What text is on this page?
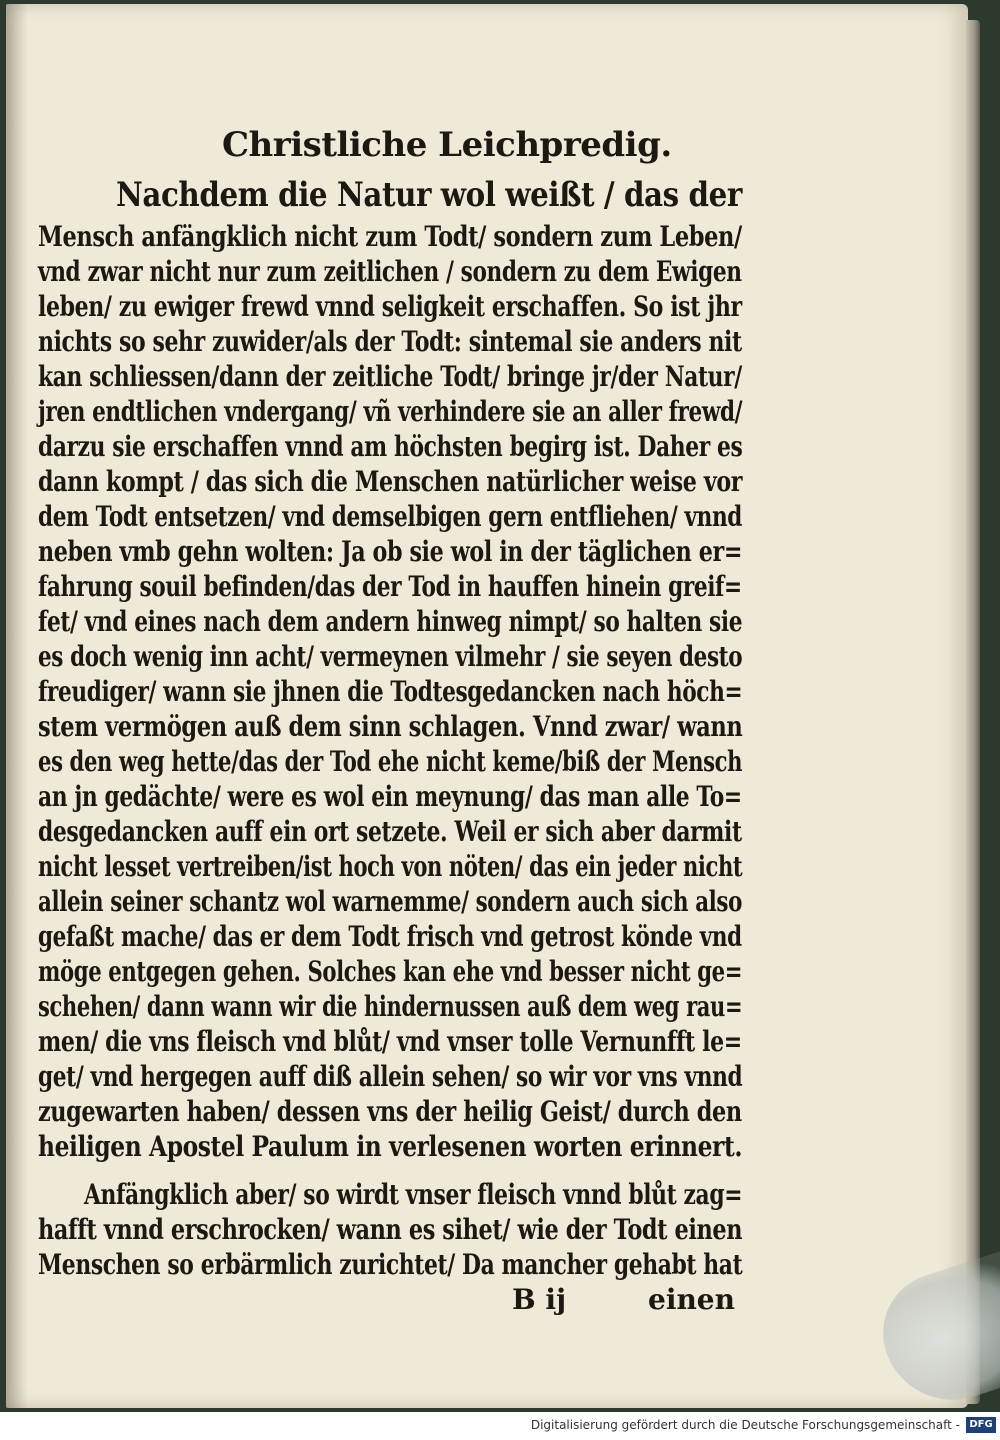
Christliche Leichpredig.
Nachdem die Natur wol weißt / das der
Mensch anfängklich nicht zum Todt/ sondern zum Leben/
vnd zwar nicht nur zum zeitlichen / sondern zu dem Ewigen
leben/ zu ewiger frewd vnnd seligkeit erschaffen. So ist jhr
nichts so sehr zuwider/als der Todt: sintemal sie anders nit
kan schliessen/dann der zeitliche Todt/ bringe jr/der Natur/
jren endtlichen vndergang/ vñ verhindere sie an aller frewd/
darzu sie erschaffen vnnd am höchsten begirg ist. Daher es
dann kompt / das sich die Menschen natürlicher weise vor
dem Todt entsetzen/ vnd demselbigen gern entfliehen/ vnnd
neben vmb gehn wolten: Ja ob sie wol in der täglichen er=
fahrung souil befinden/das der Tod in hauffen hinein greif=
fet/ vnd eines nach dem andern hinweg nimpt/ so halten sie
es doch wenig inn acht/ vermeynen vilmehr / sie seyen desto
freudiger/ wann sie jhnen die Todtesgedancken nach höch=
stem vermögen auß dem sinn schlagen. Vnnd zwar/ wann
es den weg hette/das der Tod ehe nicht keme/biß der Mensch
an jn gedächte/ were es wol ein meynung/ das man alle To=
desgedancken auff ein ort setzete. Weil er sich aber darmit
nicht lesset vertreiben/ist hoch von nöten/ das ein jeder nicht
allein seiner schantz wol warnemme/ sondern auch sich also
gefaßt mache/ das er dem Todt frisch vnd getrost könde vnd
möge entgegen gehen. Solches kan ehe vnd besser nicht ge=
schehen/ dann wann wir die hindernussen auß dem weg rau=
men/ die vns fleisch vnd blůt/ vnd vnser tolle Vernunfft le=
get/ vnd hergegen auff diß allein sehen/ so wir vor vns vnnd
zugewarten haben/ dessen vns der heilig Geist/ durch den
heiligen Apostel Paulum in verlesenen worten erinnert.
Anfängklich aber/ so wirdt vnser fleisch vnnd blůt zag=
hafft vnnd erschrocken/ wann es sihet/ wie der Todt einen
Menschen so erbärmlich zurichtet/ Da mancher gehabt hat
B ij	einen
Digitalisierung gefördert durch die Deutsche Forschungsgemeinschaft - DFG
